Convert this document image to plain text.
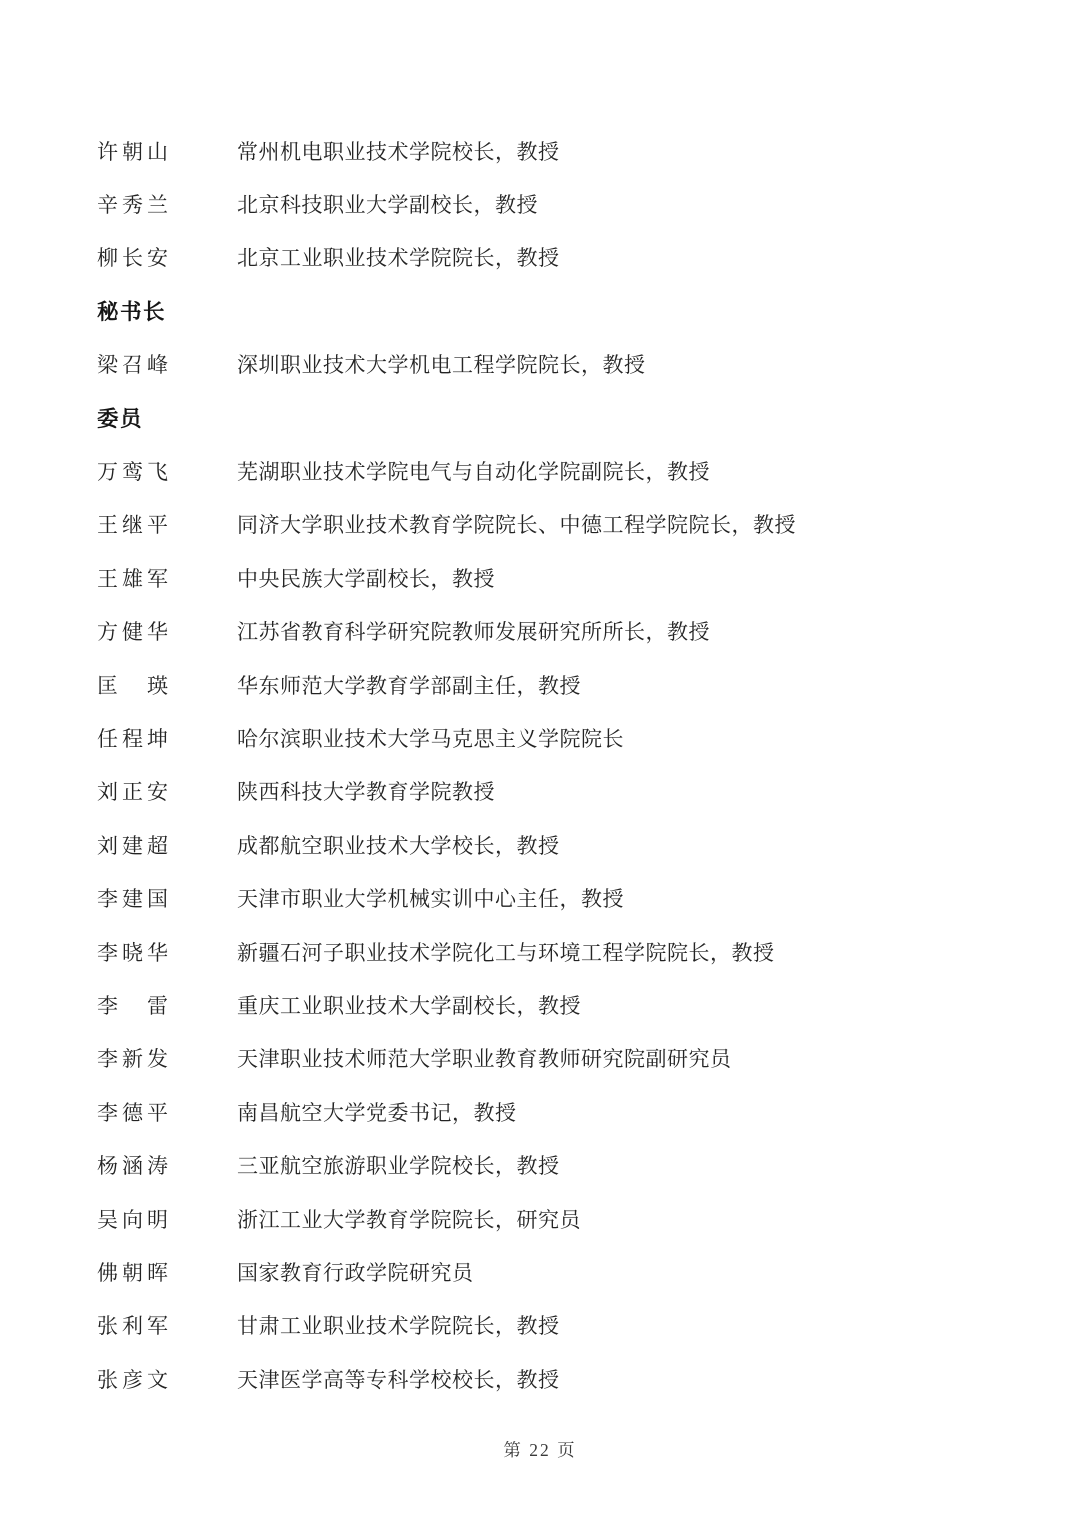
许朝山	常州机电职业技术学院校长，教授
辛秀兰	北京科技职业大学副校长，教授
柳长安	北京工业职业技术学院院长，教授
秘书长
梁召峰	深圳职业技术大学机电工程学院院长，教授
委员
万鸾飞	芜湖职业技术学院电气与自动化学院副院长，教授
王继平	同济大学职业技术教育学院院长、中德工程学院院长，教授
王雄军	中央民族大学副校长，教授
方健华	江苏省教育科学研究院教师发展研究所所长，教授
匡　瑛	华东师范大学教育学部副主任，教授
任程坤	哈尔滨职业技术大学马克思主义学院院长
刘正安	陕西科技大学教育学院教授
刘建超	成都航空职业技术大学校长，教授
李建国	天津市职业大学机械实训中心主任，教授
李晓华	新疆石河子职业技术学院化工与环境工程学院院长，教授
李　雷	重庆工业职业技术大学副校长，教授
李新发	天津职业技术师范大学职业教育教师研究院副研究员
李德平	南昌航空大学党委书记，教授
杨涵涛	三亚航空旅游职业学院校长，教授
吴向明	浙江工业大学教育学院院长，研究员
佛朝晖	国家教育行政学院研究员
张利军	甘肃工业职业技术学院院长，教授
张彦文	天津医学高等专科学校校长，教授
第 22 页
